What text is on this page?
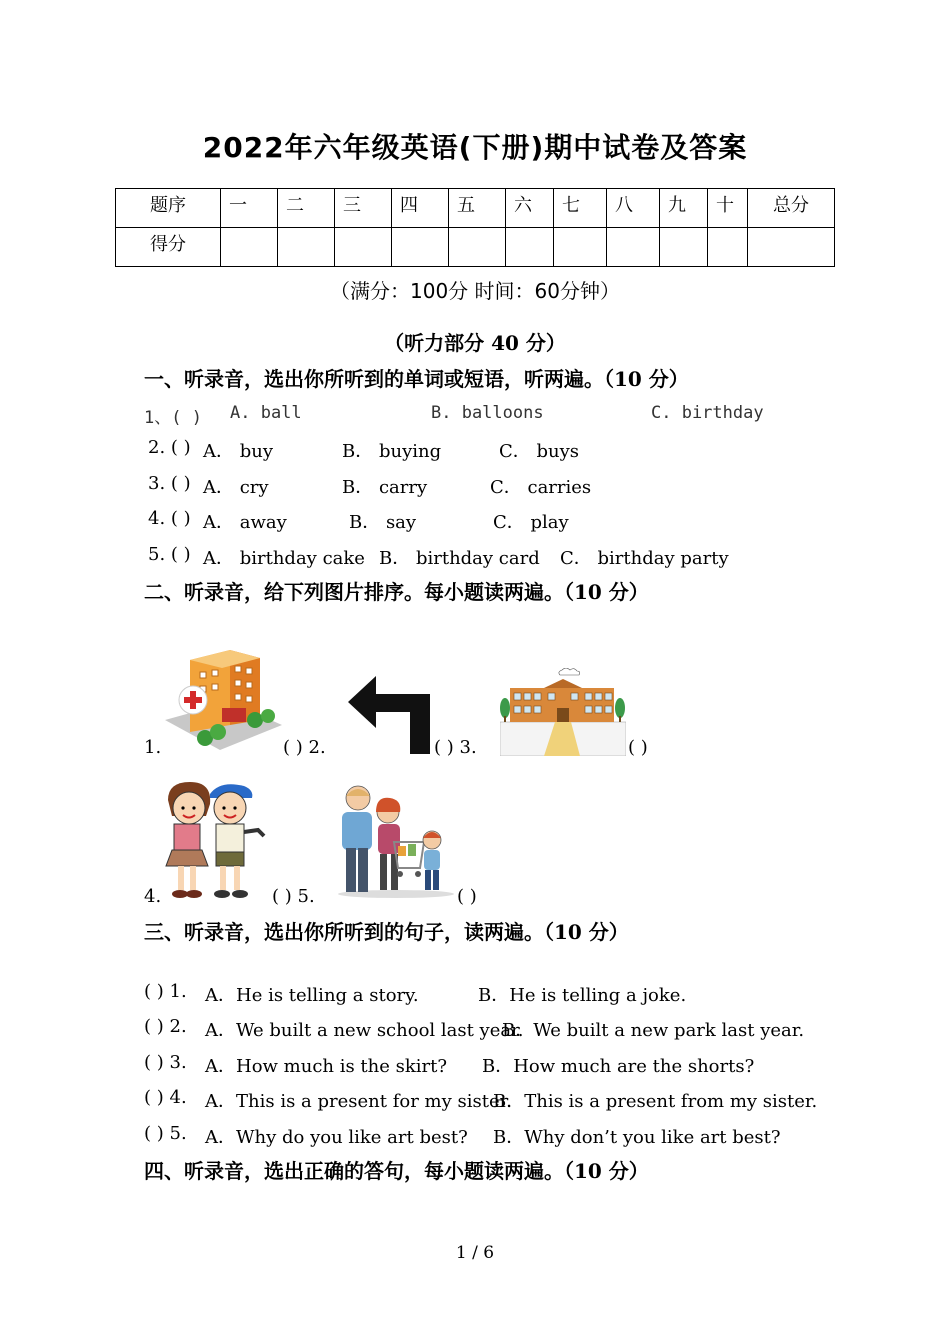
2022年六年级英语(下册)期中试卷及答案
题序	一	二	三	四	五	六	七	八	九	十	总分
得分											
（满分：100分 时间：60分钟）
（听力部分 40 分）
一、听录音，选出你所听到的单词或短语，听两遍。（10 分）
1、( ) A. ball	B. balloons	C. birthday
2. ( ) A． buy	B． buying	C． buys
3. ( ) A． cry	B． carry	C． carries
4. ( ) A． away	B． say	C． play
5. ( ) A． birthday cake B． birthday card C． birthday party
二、听录音，给下列图片排序。每小题读两遍。（10 分）
1.	( ) 2.	( ) 3.	( )
4.	( ) 5.	( )
三、听录音，选出你所听到的句子，读两遍。（10 分）
( ) 1. A．He is telling a story.	B．He is telling a joke.
( ) 2. A．We built a new school last year.
B．We built a new park last year.
( ) 3. A．How much is the skirt? B．How much are the shorts?
( ) 4. A．This is a present for my sister.
B．This is a present from my sister.
( ) 5. A．Why do you like art best? B．Why don’t you like art best?
四、听录音，选出正确的答句，每小题读两遍。（10 分）
1 / 6
